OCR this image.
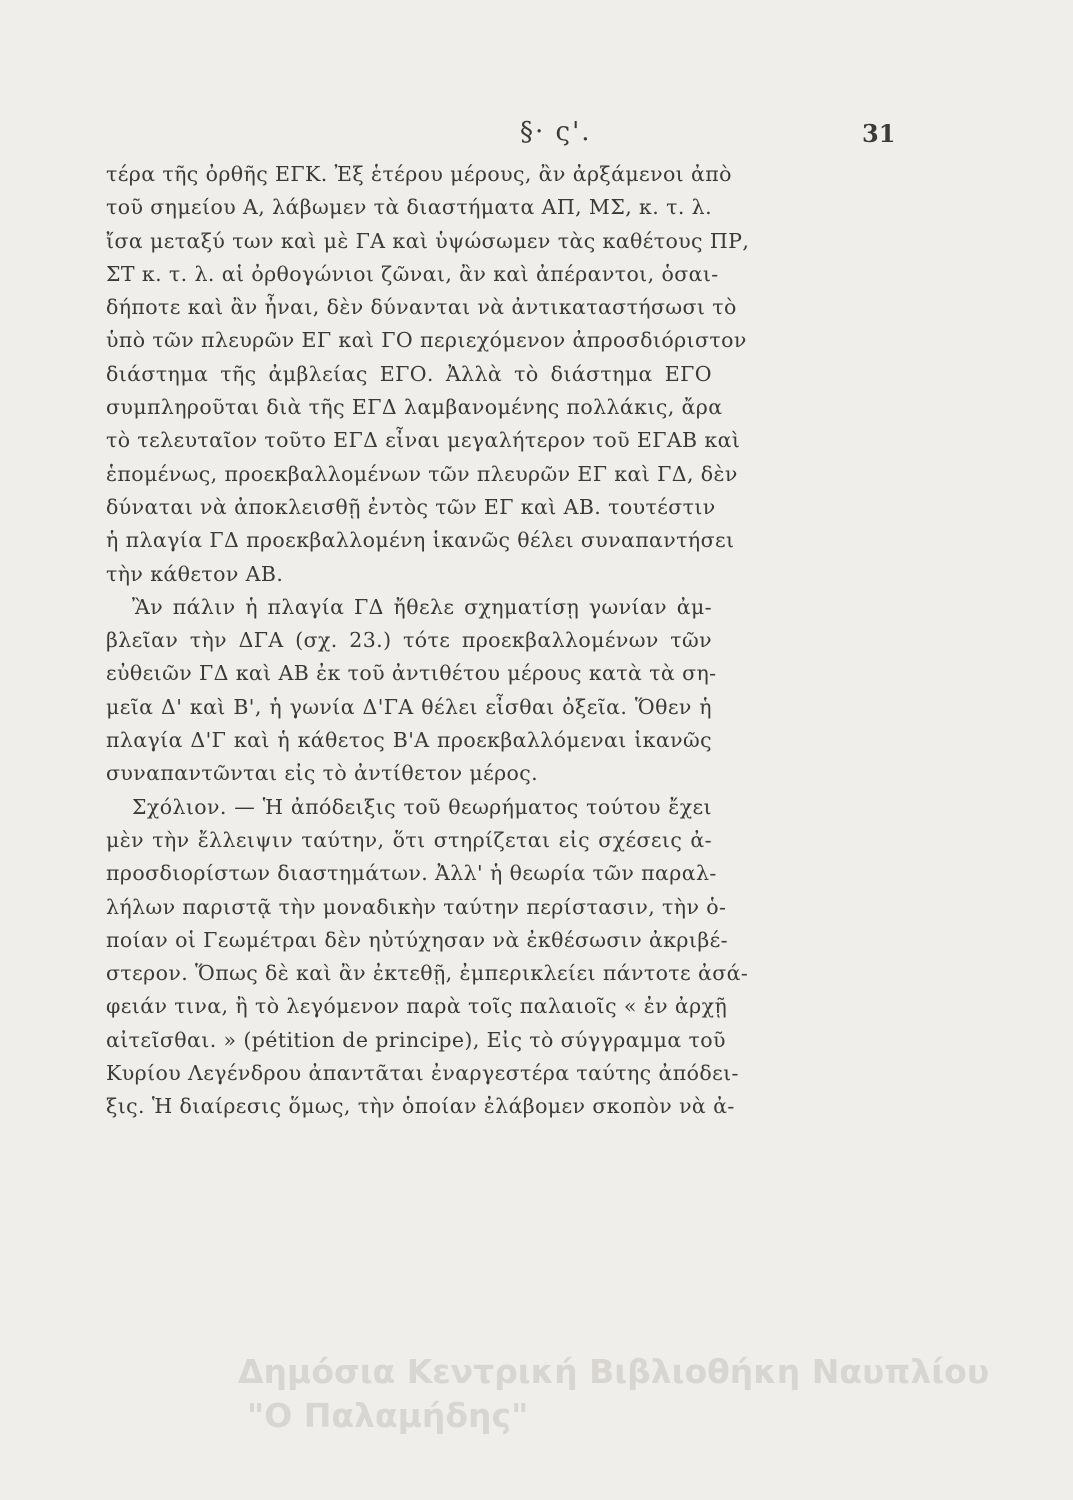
§· ς'.	31
τέρα τῆς ὀρθῆς ΕΓΚ. Ἐξ ἑτέρου μέρους, ἂν ἀρξάμενοι ἀπὸ
τοῦ σημείου Α, λάβωμεν τὰ διαστήματα ΑΠ, ΜΣ, κ. τ. λ.
ἴσα μεταξύ των καὶ μὲ ΓΑ καὶ ὑψώσωμεν τὰς καθέτους ΠΡ,
ΣΤ κ. τ. λ. αἱ ὀρθογώνιοι ζῶναι, ἂν καὶ ἀπέραντοι, ὁσαι-
δήποτε καὶ ἂν ἦναι, δὲν δύνανται νὰ ἀντικαταστήσωσι τὸ
ὑπὸ τῶν πλευρῶν ΕΓ καὶ ΓΟ περιεχόμενον ἀπροσδιόριστον
διάστημα τῆς ἀμβλείας ΕΓΟ. Ἀλλὰ τὸ διάστημα ΕΓΟ
συμπληροῦται διὰ τῆς ΕΓΔ λαμβανομένης πολλάκις, ἄρα
τὸ τελευταῖον τοῦτο ΕΓΔ εἶναι μεγαλήτερον τοῦ ΕΓΑΒ καὶ
ἑπομένως, προεκβαλλομένων τῶν πλευρῶν ΕΓ καὶ ΓΔ, δὲν
δύναται νὰ ἀποκλεισθῇ ἐντὸς τῶν ΕΓ καὶ ΑΒ. τουτέστιν
ἡ πλαγία ΓΔ προεκβαλλομένη ἱκανῶς θέλει συναπαντήσει
τὴν κάθετον ΑΒ.
Ἂν πάλιν ἡ πλαγία ΓΔ ἤθελε σχηματίσῃ γωνίαν ἀμ-
βλεῖαν τὴν ΔΓΑ (σχ. 23.) τότε προεκβαλλομένων τῶν
εὐθειῶν ΓΔ καὶ ΑΒ ἐκ τοῦ ἀντιθέτου μέρους κατὰ τὰ ση-
μεῖα Δ' καὶ Β', ἡ γωνία Δ'ΓΑ θέλει εἶσθαι ὀξεῖα. Ὅθεν ἡ
πλαγία Δ'Γ καὶ ἡ κάθετος Β'Α προεκβαλλόμεναι ἱκανῶς
συναπαντῶνται εἰς τὸ ἀντίθετον μέρος.
Σχόλιον. — Ἡ ἀπόδειξις τοῦ θεωρήματος τούτου ἔχει
μὲν τὴν ἔλλειψιν ταύτην, ὅτι στηρίζεται εἰς σχέσεις ἀ-
προσδιορίστων διαστημάτων. Ἀλλ' ἡ θεωρία τῶν παραλ-
λήλων παριστᾷ τὴν μοναδικὴν ταύτην περίστασιν, τὴν ὁ-
ποίαν οἱ Γεωμέτραι δὲν ηὐτύχησαν νὰ ἐκθέσωσιν ἀκριβέ-
στερον. Ὅπως δὲ καὶ ἂν ἐκτεθῇ, ἐμπερικλείει πάντοτε ἀσά-
φειάν τινα, ἢ τὸ λεγόμενον παρὰ τοῖς παλαιοῖς « ἐν ἀρχῇ
αἰτεῖσθαι. » (pétition de principe), Εἰς τὸ σύγγραμμα τοῦ
Κυρίου Λεγένδρου ἀπαντᾶται ἐναργεστέρα ταύτης ἀπόδει-
ξις. Ἡ διαίρεσις ὅμως, τὴν ὁποίαν ἐλάβομεν σκοπὸν νὰ ἀ-
Δημόσια Κεντρική Βιβλιοθήκη Ναυπλίου
"Ο Παλαμήδης"
